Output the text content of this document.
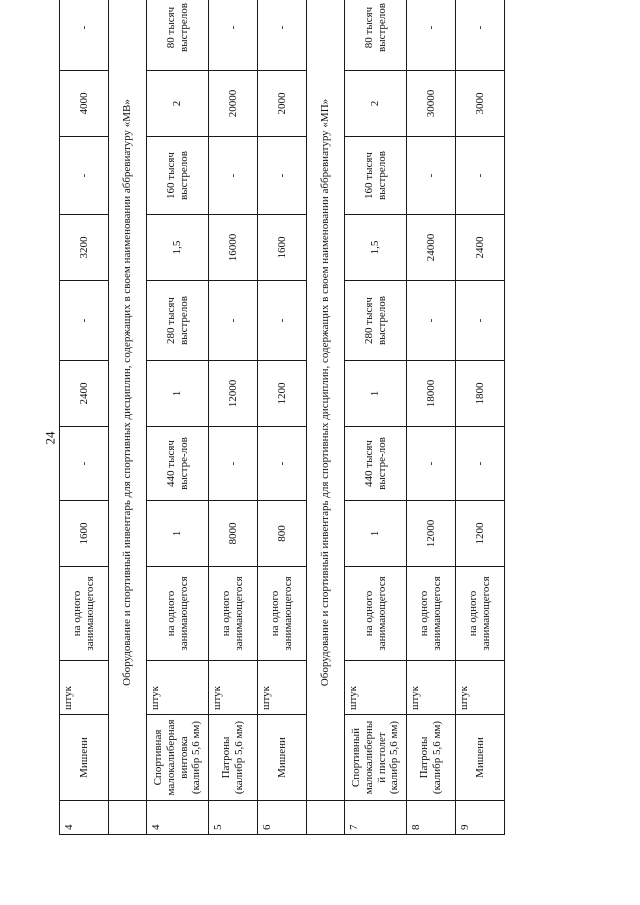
24
4	Мишени	штук	на одного занимающегося	1600	-	2400	-	3200	-	4000	-
	Оборудование и спортивный инвентарь для спортивных дисциплин, содержащих в своем наименовании аббревиатуру «МВ»										
4	Спортивная малокалиберная винтовка (калибр 5,6 мм)	штук	на одного занимающегося	1	440 тысяч выстре-лов	1	280 тысяч выстрелов	1,5	160 тысяч выстрелов	2	80 тысяч выстрелов
5	Патроны (калибр 5,6 мм)	штук	на одного занимающегося	8000	-	12000	-	16000	-	20000	-
6	Мишени	штук	на одного занимающегося	800	-	1200	-	1600	-	2000	-
	Оборудование и спортивный инвентарь для спортивных дисциплин, содержащих в своем наименовании аббревиатуру «МП»										
7	Спортивный малокалиберный пистолет (калибр 5,6 мм)	штук	на одного занимающегося	1	440 тысяч выстре-лов	1	280 тысяч выстрелов	1,5	160 тысяч выстрелов	2	80 тысяч выстрелов
8	Патроны (калибр 5,6 мм)	штук	на одного занимающегося	12000	-	18000	-	24000	-	30000	-
9	Мишени	штук	на одного занимающегося	1200	-	1800	-	2400	-	3000	-
